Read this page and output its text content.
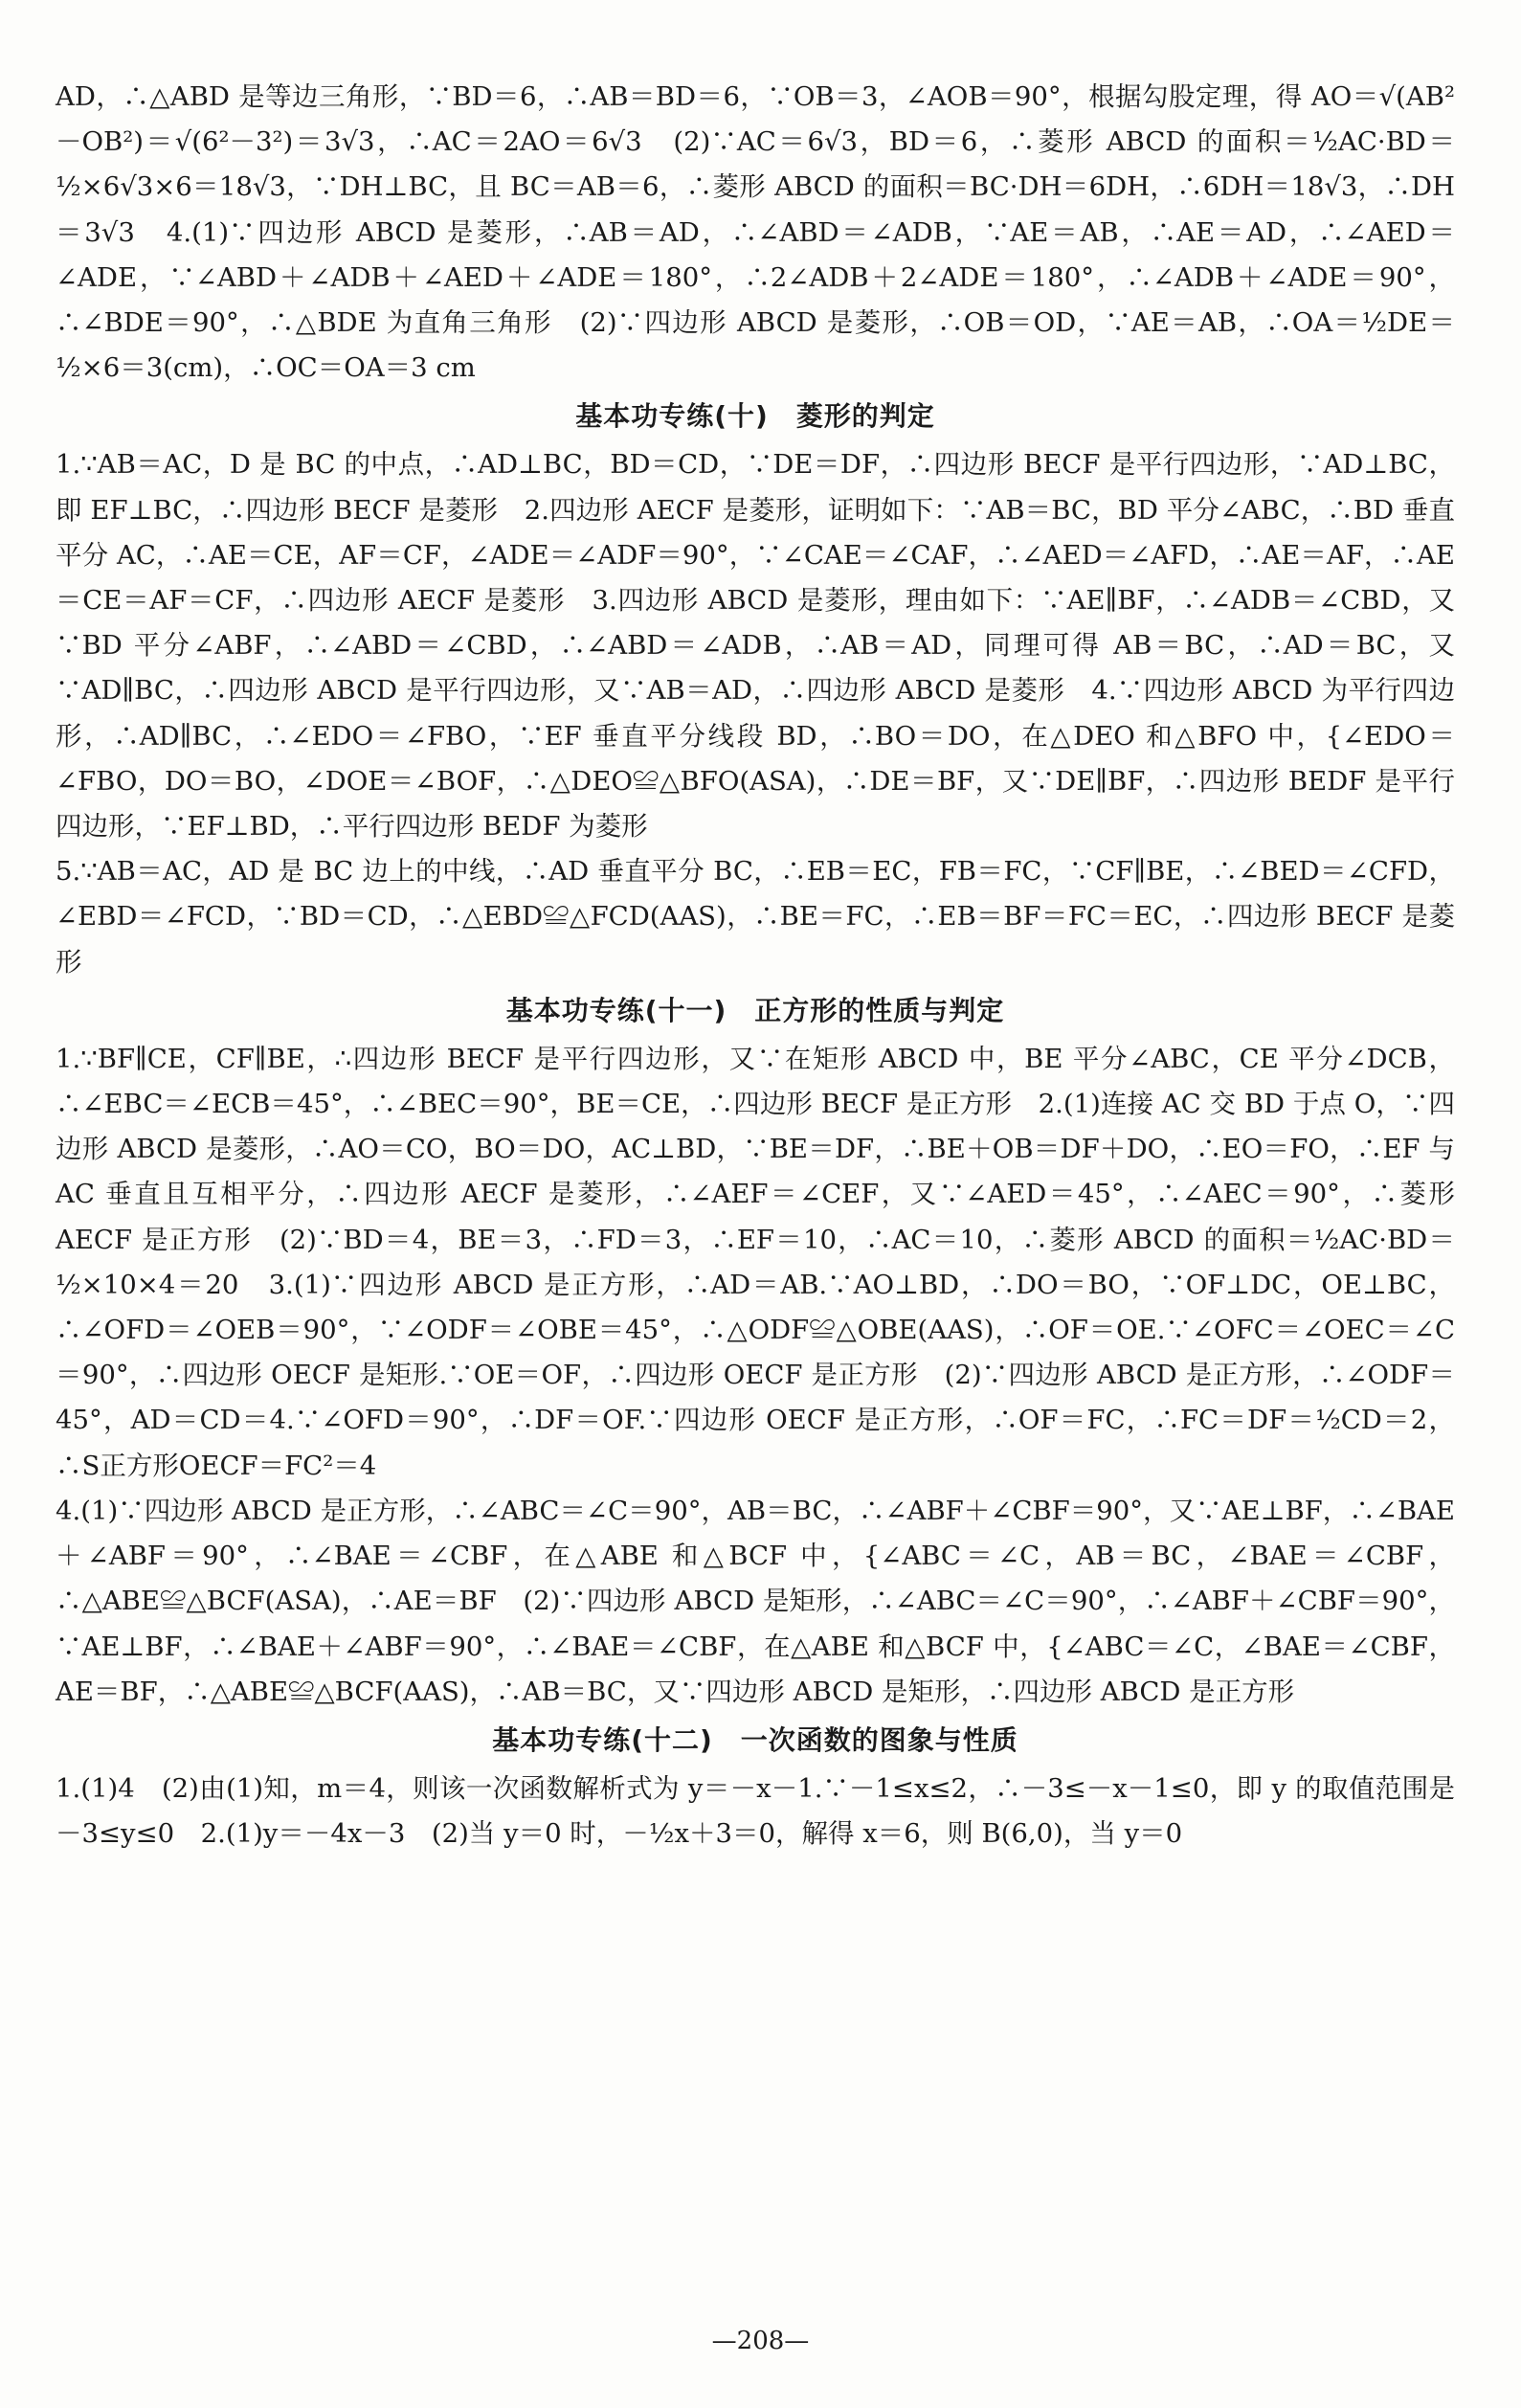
AD，∴△ABD 是等边三角形，∵BD＝6，∴AB＝BD＝6，∵OB＝3，∠AOB＝90°，根据勾股定理，得 AO＝√(AB²－OB²)＝√(6²－3²)＝3√3，∴AC＝2AO＝6√3　(2)∵AC＝6√3，BD＝6，∴菱形 ABCD 的面积＝½AC·BD＝½×6√3×6＝18√3，∵DH⊥BC，且 BC＝AB＝6，∴菱形 ABCD 的面积＝BC·DH＝6DH，∴6DH＝18√3，∴DH＝3√3　4.(1)∵四边形 ABCD 是菱形，∴AB＝AD，∴∠ABD＝∠ADB，∵AE＝AB，∴AE＝AD，∴∠AED＝∠ADE，∵∠ABD＋∠ADB＋∠AED＋∠ADE＝180°，∴2∠ADB＋2∠ADE＝180°，∴∠ADB＋∠ADE＝90°，∴∠BDE＝90°，∴△BDE 为直角三角形　(2)∵四边形 ABCD 是菱形，∴OB＝OD，∵AE＝AB，∴OA＝½DE＝½×6＝3(cm)，∴OC＝OA＝3 cm

基本功专练(十)　菱形的判定

1.∵AB＝AC，D 是 BC 的中点，∴AD⊥BC，BD＝CD，∵DE＝DF，∴四边形 BECF 是平行四边形，∵AD⊥BC，即 EF⊥BC，∴四边形 BECF 是菱形　2.四边形 AECF 是菱形，证明如下：∵AB＝BC，BD 平分∠ABC，∴BD 垂直平分 AC，∴AE＝CE，AF＝CF，∠ADE＝∠ADF＝90°，∵∠CAE＝∠CAF，∴∠AED＝∠AFD，∴AE＝AF，∴AE＝CE＝AF＝CF，∴四边形 AECF 是菱形　3.四边形 ABCD 是菱形，理由如下：∵AE∥BF，∴∠ADB＝∠CBD，又∵BD 平分∠ABF，∴∠ABD＝∠CBD，∴∠ABD＝∠ADB，∴AB＝AD，同理可得 AB＝BC，∴AD＝BC，又∵AD∥BC，∴四边形 ABCD 是平行四边形，又∵AB＝AD，∴四边形 ABCD 是菱形　4.∵四边形 ABCD 为平行四边形，∴AD∥BC，∴∠EDO＝∠FBO，∵EF 垂直平分线段 BD，∴BO＝DO，在△DEO 和△BFO 中，{∠EDO＝∠FBO，DO＝BO，∠DOE＝∠BOF，∴△DEO≌△BFO(ASA)，∴DE＝BF，又∵DE∥BF，∴四边形 BEDF 是平行四边形，∵EF⊥BD，∴平行四边形 BEDF 为菱形

5.∵AB＝AC，AD 是 BC 边上的中线，∴AD 垂直平分 BC，∴EB＝EC，FB＝FC，∵CF∥BE，∴∠BED＝∠CFD，∠EBD＝∠FCD，∵BD＝CD，∴△EBD≌△FCD(AAS)，∴BE＝FC，∴EB＝BF＝FC＝EC，∴四边形 BECF 是菱形

基本功专练(十一)　正方形的性质与判定

1.∵BF∥CE，CF∥BE，∴四边形 BECF 是平行四边形，又∵在矩形 ABCD 中，BE 平分∠ABC，CE 平分∠DCB，∴∠EBC＝∠ECB＝45°，∴∠BEC＝90°，BE＝CE，∴四边形 BECF 是正方形　2.(1)连接 AC 交 BD 于点 O，∵四边形 ABCD 是菱形，∴AO＝CO，BO＝DO，AC⊥BD，∵BE＝DF，∴BE＋OB＝DF＋DO，∴EO＝FO，∴EF 与 AC 垂直且互相平分，∴四边形 AECF 是菱形，∴∠AEF＝∠CEF，又∵∠AED＝45°，∴∠AEC＝90°，∴菱形 AECF 是正方形　(2)∵BD＝4，BE＝3，∴FD＝3，∴EF＝10，∴AC＝10，∴菱形 ABCD 的面积＝½AC·BD＝½×10×4＝20　3.(1)∵四边形 ABCD 是正方形，∴AD＝AB.∵AO⊥BD，∴DO＝BO，∵OF⊥DC，OE⊥BC，∴∠OFD＝∠OEB＝90°，∵∠ODF＝∠OBE＝45°，∴△ODF≌△OBE(AAS)，∴OF＝OE.∵∠OFC＝∠OEC＝∠C＝90°，∴四边形 OECF 是矩形.∵OE＝OF，∴四边形 OECF 是正方形　(2)∵四边形 ABCD 是正方形，∴∠ODF＝45°，AD＝CD＝4.∵∠OFD＝90°，∴DF＝OF.∵四边形 OECF 是正方形，∴OF＝FC，∴FC＝DF＝½CD＝2，∴S正方形OECF＝FC²＝4

4.(1)∵四边形 ABCD 是正方形，∴∠ABC＝∠C＝90°，AB＝BC，∴∠ABF＋∠CBF＝90°，又∵AE⊥BF，∴∠BAE＋∠ABF＝90°，∴∠BAE＝∠CBF，在△ABE 和△BCF 中，{∠ABC＝∠C，AB＝BC，∠BAE＝∠CBF，∴△ABE≌△BCF(ASA)，∴AE＝BF　(2)∵四边形 ABCD 是矩形，∴∠ABC＝∠C＝90°，∴∠ABF＋∠CBF＝90°，∵AE⊥BF，∴∠BAE＋∠ABF＝90°，∴∠BAE＝∠CBF，在△ABE 和△BCF 中，{∠ABC＝∠C，∠BAE＝∠CBF，AE＝BF，∴△ABE≌△BCF(AAS)，∴AB＝BC，又∵四边形 ABCD 是矩形，∴四边形 ABCD 是正方形

基本功专练(十二)　一次函数的图象与性质

1.(1)4　(2)由(1)知，m＝4，则该一次函数解析式为 y＝－x－1.∵－1≤x≤2，∴－3≤－x－1≤0，即 y 的取值范围是－3≤y≤0　2.(1)y＝－4x－3　(2)当 y＝0 时，－½x＋3＝0，解得 x＝6，则 B(6,0)，当 y＝0

—208—
